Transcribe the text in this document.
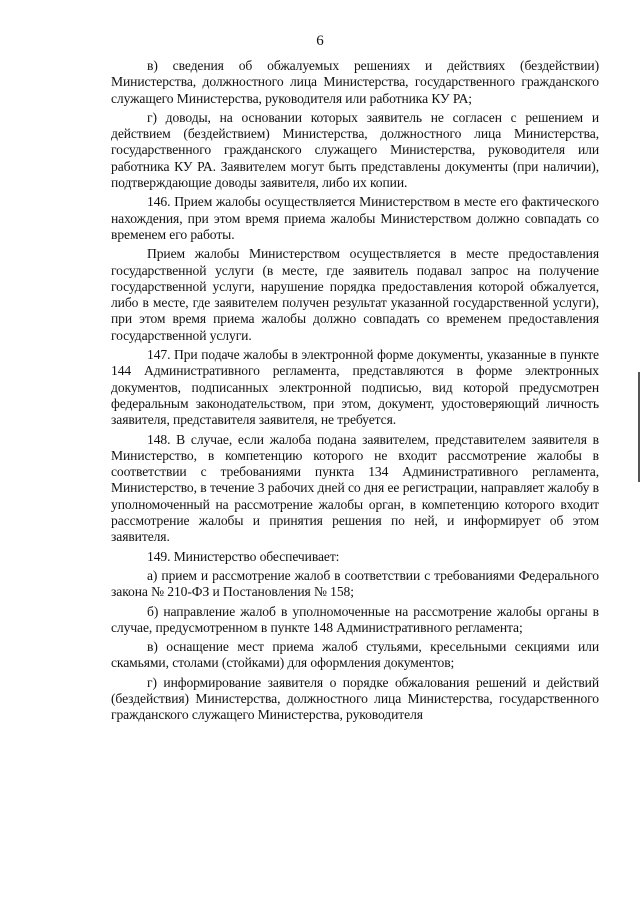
6

в) сведения об обжалуемых решениях и действиях (бездействии) Министерства, должностного лица Министерства, государственного гражданского служащего Министерства, руководителя или работника КУ РА;

г) доводы, на основании которых заявитель не согласен с решением и действием (бездействием) Министерства, должностного лица Министерства, государственного гражданского служащего Министерства, руководителя или работника КУ РА. Заявителем могут быть представлены документы (при наличии), подтверждающие доводы заявителя, либо их копии.

146. Прием жалобы осуществляется Министерством в месте его фактического нахождения, при этом время приема жалобы Министерством должно совпадать со временем его работы.

Прием жалобы Министерством осуществляется в месте предоставления государственной услуги (в месте, где заявитель подавал запрос на получение государственной услуги, нарушение порядка предоставления которой обжалуется, либо в месте, где заявителем получен результат указанной государственной услуги), при этом время приема жалобы должно совпадать со временем предоставления государственной услуги.

147. При подаче жалобы в электронной форме документы, указанные в пункте 144 Административного регламента, представляются в форме электронных документов, подписанных электронной подписью, вид которой предусмотрен федеральным законодательством, при этом, документ, удостоверяющий личность заявителя, представителя заявителя, не требуется.

148. В случае, если жалоба подана заявителем, представителем заявителя в Министерство, в компетенцию которого не входит рассмотрение жалобы в соответствии с требованиями пункта 134 Административного регламента, Министерство, в течение 3 рабочих дней со дня ее регистрации, направляет жалобу в уполномоченный на рассмотрение жалобы орган, в компетенцию которого входит рассмотрение жалобы и принятия решения по ней, и информирует об этом заявителя.

149. Министерство обеспечивает:

а) прием и рассмотрение жалоб в соответствии с требованиями Федерального закона № 210-ФЗ и Постановления № 158;

б) направление жалоб в уполномоченные на рассмотрение жалобы органы в случае, предусмотренном в пункте 148 Административного регламента;

в) оснащение мест приема жалоб стульями, кресельными секциями или скамьями, столами (стойками) для оформления документов;

г) информирование заявителя о порядке обжалования решений и действий (бездействия) Министерства, должностного лица Министерства, государственного гражданского служащего Министерства, руководителя
